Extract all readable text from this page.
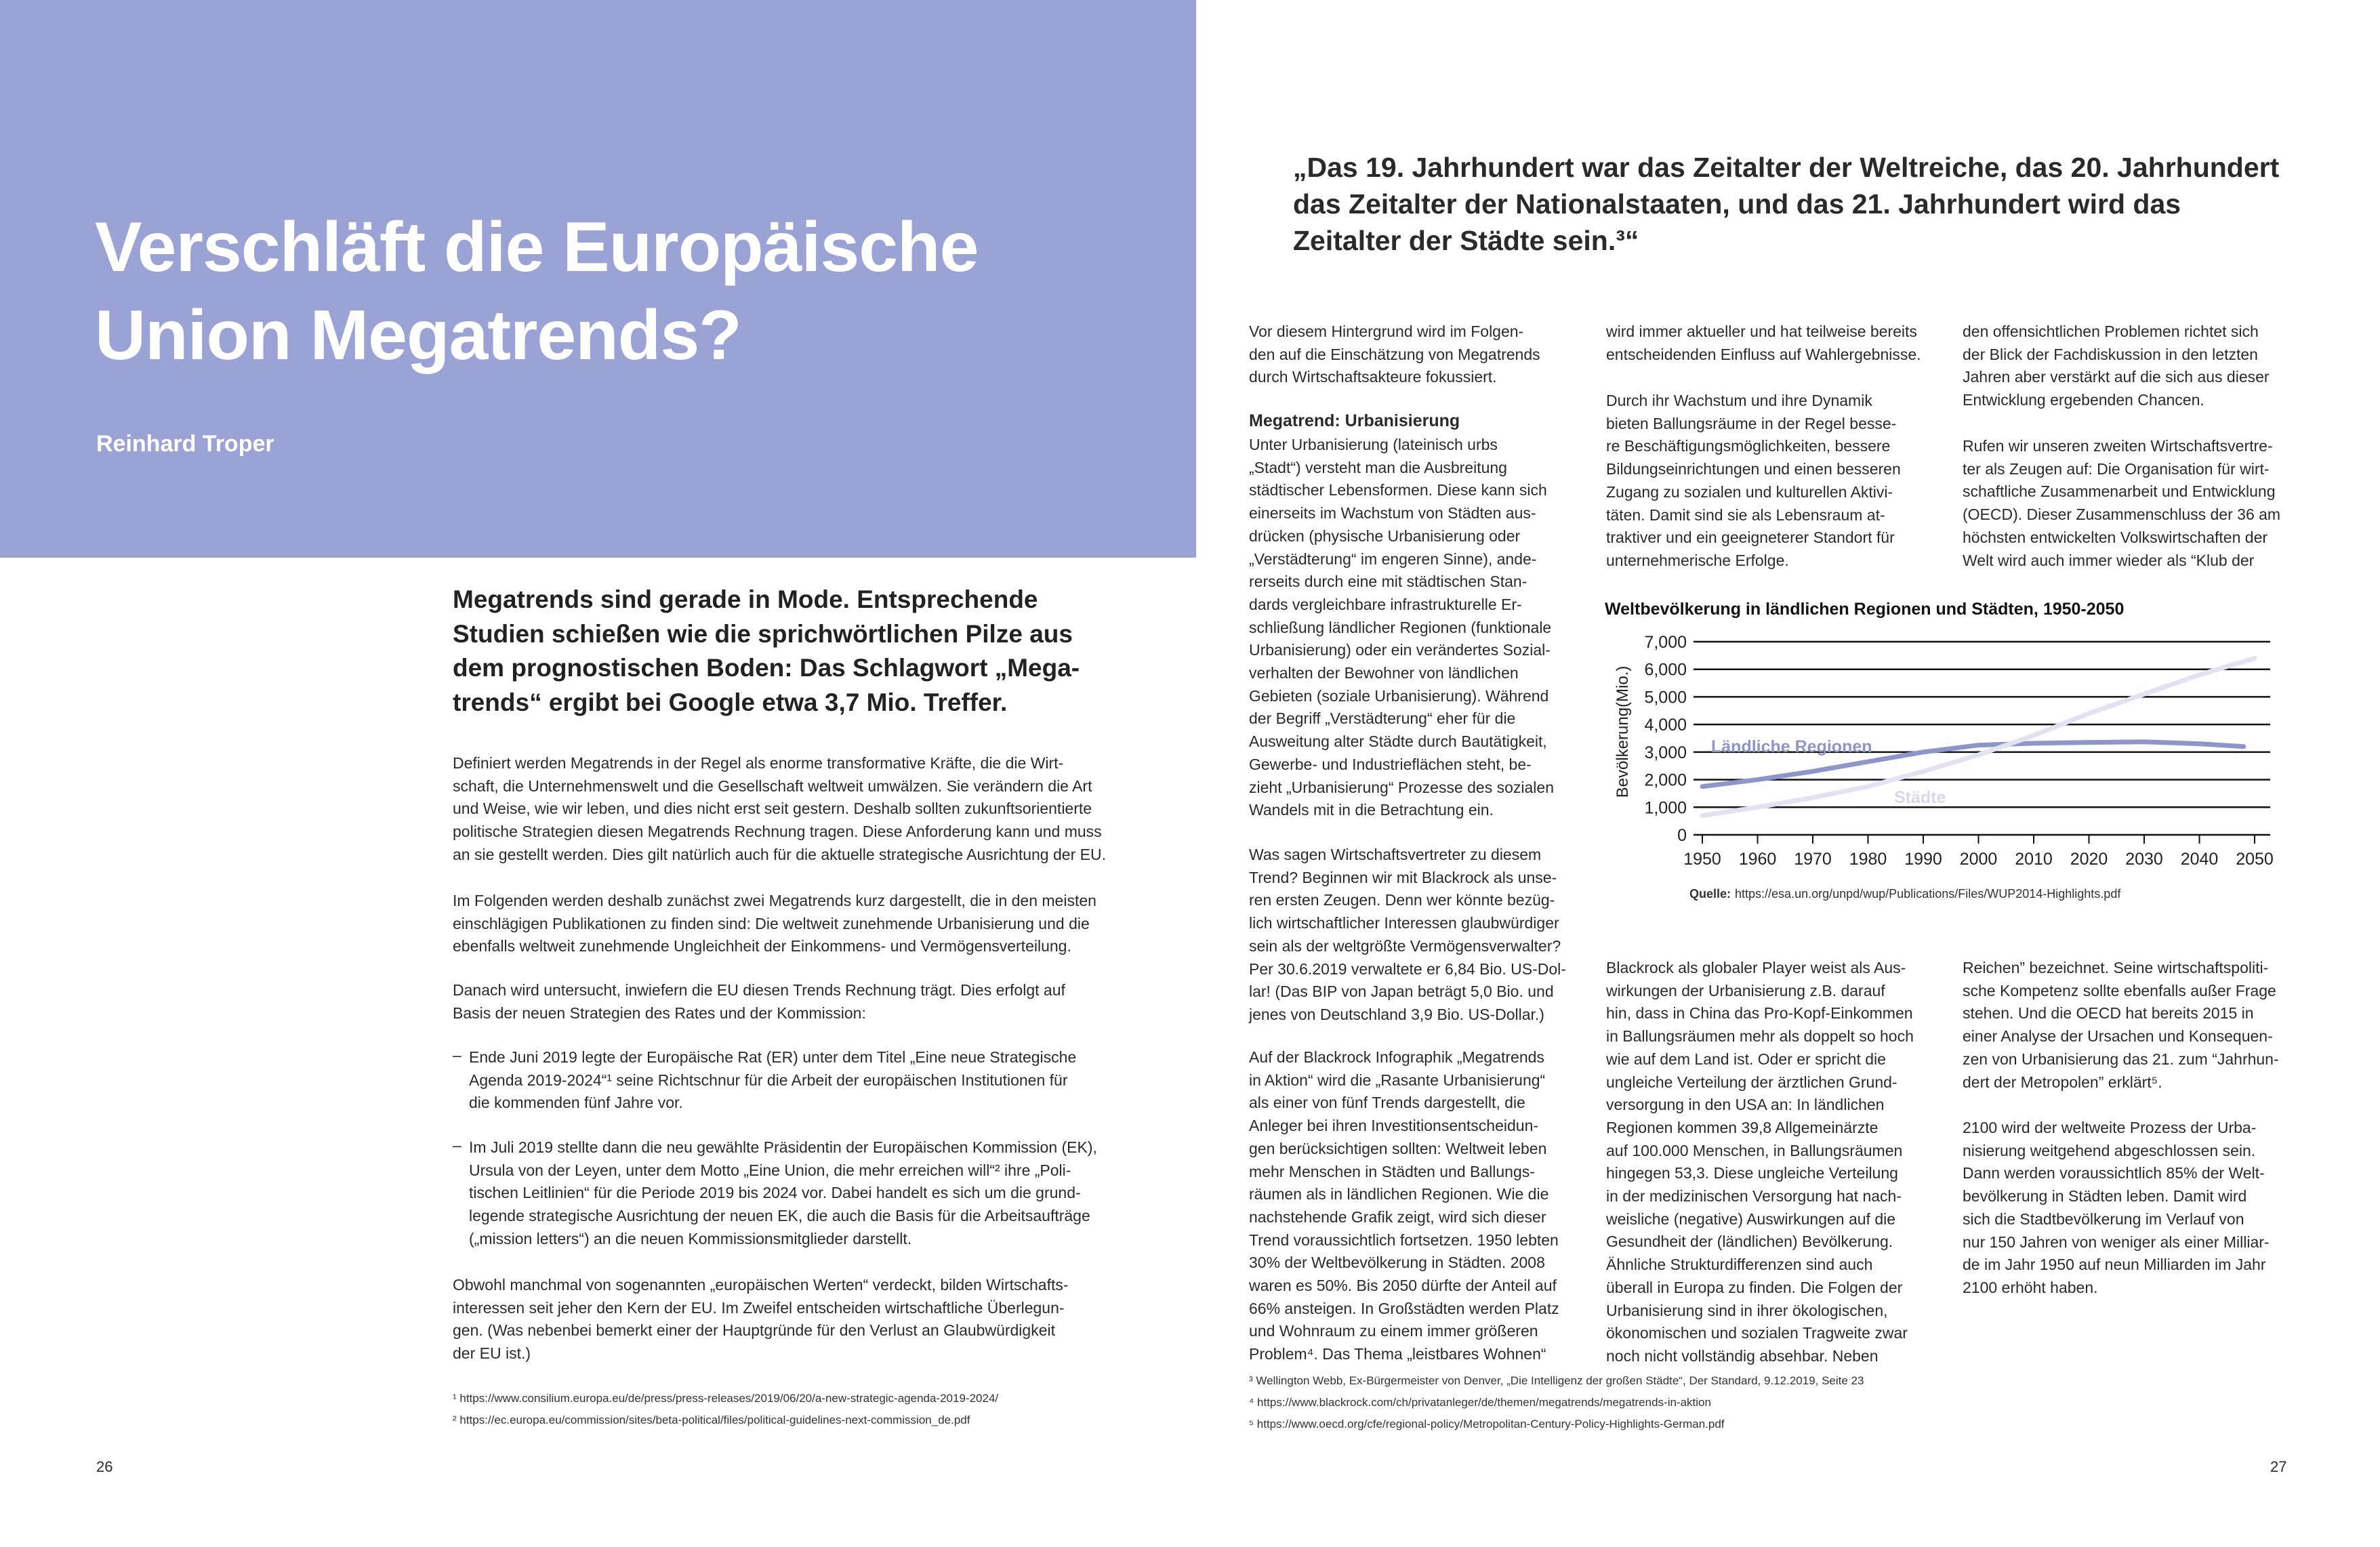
Verschläft die Europäische
Union Megatrends?
Reinhard Troper
Megatrends sind gerade in Mode. Entsprechende
Studien schießen wie die sprichwörtlichen Pilze aus
dem prognostischen Boden: Das Schlagwort „Mega-
trends“ ergibt bei Google etwa 3,7 Mio. Treffer.
Definiert werden Megatrends in der Regel als enorme transformative Kräfte, die die Wirt-
schaft, die Unternehmenswelt und die Gesellschaft weltweit umwälzen. Sie verändern die Art
und Weise, wie wir leben, und dies nicht erst seit gestern. Deshalb sollten zukunftsorientierte
politische Strategien diesen Megatrends Rechnung tragen. Diese Anforderung kann und muss
an sie gestellt werden. Dies gilt natürlich auch für die aktuelle strategische Ausrichtung der EU.
Im Folgenden werden deshalb zunächst zwei Megatrends kurz dargestellt, die in den meisten
einschlägigen Publikationen zu finden sind: Die weltweit zunehmende Urbanisierung und die
ebenfalls weltweit zunehmende Ungleichheit der Einkommens- und Vermögensverteilung.
Danach wird untersucht, inwiefern die EU diesen Trends Rechnung trägt. Dies erfolgt auf
Basis der neuen Strategien des Rates und der Kommission:
– Ende Juni 2019 legte der Europäische Rat (ER) unter dem Titel „Eine neue Strategische
Agenda 2019-2024“¹ seine Richtschnur für die Arbeit der europäischen Institutionen für
die kommenden fünf Jahre vor.
– Im Juli 2019 stellte dann die neu gewählte Präsidentin der Europäischen Kommission (EK),
Ursula von der Leyen, unter dem Motto „Eine Union, die mehr erreichen will“² ihre „Poli-
tischen Leitlinien“ für die Periode 2019 bis 2024 vor. Dabei handelt es sich um die grund-
legende strategische Ausrichtung der neuen EK, die auch die Basis für die Arbeitsaufträge
(„mission letters“) an die neuen Kommissionsmitglieder darstellt.
Obwohl manchmal von sogenannten „europäischen Werten“ verdeckt, bilden Wirtschafts-
interessen seit jeher den Kern der EU. Im Zweifel entscheiden wirtschaftliche Überlegun-
gen. (Was nebenbei bemerkt einer der Hauptgründe für den Verlust an Glaubwürdigkeit
der EU ist.)
¹ https://www.consilium.europa.eu/de/press/press-releases/2019/06/20/a-new-strategic-agenda-2019-2024/
² https://ec.europa.eu/commission/sites/beta-political/files/political-guidelines-next-commission_de.pdf
26
„Das 19. Jahrhundert war das Zeitalter der Weltreiche, das 20. Jahrhundert
das Zeitalter der Nationalstaaten, und das 21. Jahrhundert wird das
Zeitalter der Städte sein.³“
Vor diesem Hintergrund wird im Folgen-
den auf die Einschätzung von Megatrends
durch Wirtschaftsakteure fokussiert.
Megatrend: Urbanisierung
Unter Urbanisierung (lateinisch urbs
„Stadt“) versteht man die Ausbreitung
städtischer Lebensformen. Diese kann sich
einerseits im Wachstum von Städten aus-
drücken (physische Urbanisierung oder
„Verstädterung“ im engeren Sinne), ande-
rerseits durch eine mit städtischen Stan-
dards vergleichbare infrastrukturelle Er-
schließung ländlicher Regionen (funktionale
Urbanisierung) oder ein verändertes Sozial-
verhalten der Bewohner von ländlichen
Gebieten (soziale Urbanisierung). Während
der Begriff „Verstädterung“ eher für die
Ausweitung alter Städte durch Bautätigkeit,
Gewerbe- und Industrieflächen steht, be-
zieht „Urbanisierung“ Prozesse des sozialen
Wandels mit in die Betrachtung ein.
Was sagen Wirtschaftsvertreter zu diesem
Trend? Beginnen wir mit Blackrock als unse-
ren ersten Zeugen. Denn wer könnte bezüg-
lich wirtschaftlicher Interessen glaubwürdiger
sein als der weltgrößte Vermögensverwalter?
Per 30.6.2019 verwaltete er 6,84 Bio. US-Dol-
lar! (Das BIP von Japan beträgt 5,0 Bio. und
jenes von Deutschland 3,9 Bio. US-Dollar.)
Auf der Blackrock Infographik „Megatrends
in Aktion“ wird die „Rasante Urbanisierung“
als einer von fünf Trends dargestellt, die
Anleger bei ihren Investitionsentscheidun-
gen berücksichtigen sollten: Weltweit leben
mehr Menschen in Städten und Ballungs-
räumen als in ländlichen Regionen. Wie die
nachstehende Grafik zeigt, wird sich dieser
Trend voraussichtlich fortsetzen. 1950 lebten
30% der Weltbevölkerung in Städten. 2008
waren es 50%. Bis 2050 dürfte der Anteil auf
66% ansteigen. In Großstädten werden Platz
und Wohnraum zu einem immer größeren
Problem⁴. Das Thema „leistbares Wohnen“
wird immer aktueller und hat teilweise bereits
entscheidenden Einfluss auf Wahlergebnisse.
Durch ihr Wachstum und ihre Dynamik
bieten Ballungsräume in der Regel besse-
re Beschäftigungsmöglichkeiten, bessere
Bildungseinrichtungen und einen besseren
Zugang zu sozialen und kulturellen Aktivi-
täten. Damit sind sie als Lebensraum at-
traktiver und ein geeigneterer Standort für
unternehmerische Erfolge.
Blackrock als globaler Player weist als Aus-
wirkungen der Urbanisierung z.B. darauf
hin, dass in China das Pro-Kopf-Einkommen
in Ballungsräumen mehr als doppelt so hoch
wie auf dem Land ist. Oder er spricht die
ungleiche Verteilung der ärztlichen Grund-
versorgung in den USA an: In ländlichen
Regionen kommen 39,8 Allgemeinärzte
auf 100.000 Menschen, in Ballungsräumen
hingegen 53,3. Diese ungleiche Verteilung
in der medizinischen Versorgung hat nach-
weisliche (negative) Auswirkungen auf die
Gesundheit der (ländlichen) Bevölkerung.
Ähnliche Strukturdifferenzen sind auch
überall in Europa zu finden. Die Folgen der
Urbanisierung sind in ihrer ökologischen,
ökonomischen und sozialen Tragweite zwar
noch nicht vollständig absehbar. Neben
den offensichtlichen Problemen richtet sich
der Blick der Fachdiskussion in den letzten
Jahren aber verstärkt auf die sich aus dieser
Entwicklung ergebenden Chancen.
Rufen wir unseren zweiten Wirtschaftsvertre-
ter als Zeugen auf: Die Organisation für wirt-
schaftliche Zusammenarbeit und Entwicklung
(OECD). Dieser Zusammenschluss der 36 am
höchsten entwickelten Volkswirtschaften der
Welt wird auch immer wieder als “Klub der
Reichen” bezeichnet. Seine wirtschaftspoliti-
sche Kompetenz sollte ebenfalls außer Frage
stehen. Und die OECD hat bereits 2015 in
einer Analyse der Ursachen und Konsequen-
zen von Urbanisierung das 21. zum “Jahrhun-
dert der Metropolen” erklärt⁵.
2100 wird der weltweite Prozess der Urba-
nisierung weitgehend abgeschlossen sein.
Dann werden voraussichtlich 85% der Welt-
bevölkerung in Städten leben. Damit wird
sich die Stadtbevölkerung im Verlauf von
nur 150 Jahren von weniger als einer Milliar-
de im Jahr 1950 auf neun Milliarden im Jahr
2100 erhöht haben.
³ Wellington Webb, Ex-Bürgermeister von Denver, „Die Intelligenz der großen Städte“, Der Standard, 9.12.2019, Seite 23
⁴ https://www.blackrock.com/ch/privatanleger/de/themen/megatrends/megatrends-in-aktion
⁵ https://www.oecd.org/cfe/regional-policy/Metropolitan-Century-Policy-Highlights-German.pdf
27
Weltbevölkerung in ländlichen Regionen und Städten, 1950-2050
0
1,000
2,000
3,000
4,000
5,000
6,000
7,000
1950 1960 1970 1980 1990 2000 2010 2020 2030 2040 2050
Bevölkerung(Mio.)	Ländliche Regionen
Städte
Quelle: https://esa.un.org/unpd/wup/Publications/Files/WUP2014-Highlights.pdf
